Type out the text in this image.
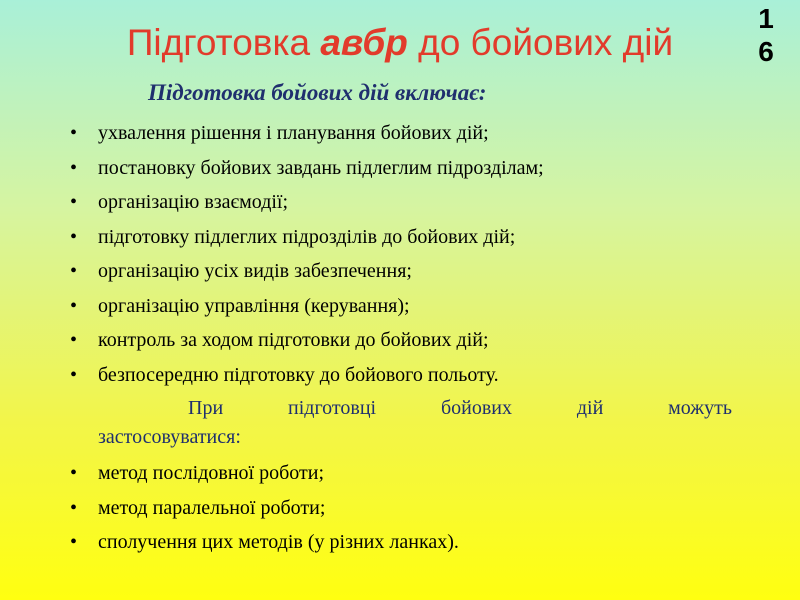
16
Підготовка авбр до бойових дій
Підготовка бойових дій включає:
• ухвалення рішення і планування бойових дій;
• постановку бойових завдань підлеглим підрозділам;
• організацію взаємодії;
• підготовку підлеглих підрозділів до бойових дій;
• організацію усіх видів забезпечення;
• організацію управління (керування);
• контроль за ходом підготовки до бойових дій;
• безпосередню підготовку до бойового польоту.
При підготовці бойових дій можуть
застосовуватися:
• метод послідовної роботи;
• метод паралельної роботи;
• сполучення цих методів (у різних ланках).
